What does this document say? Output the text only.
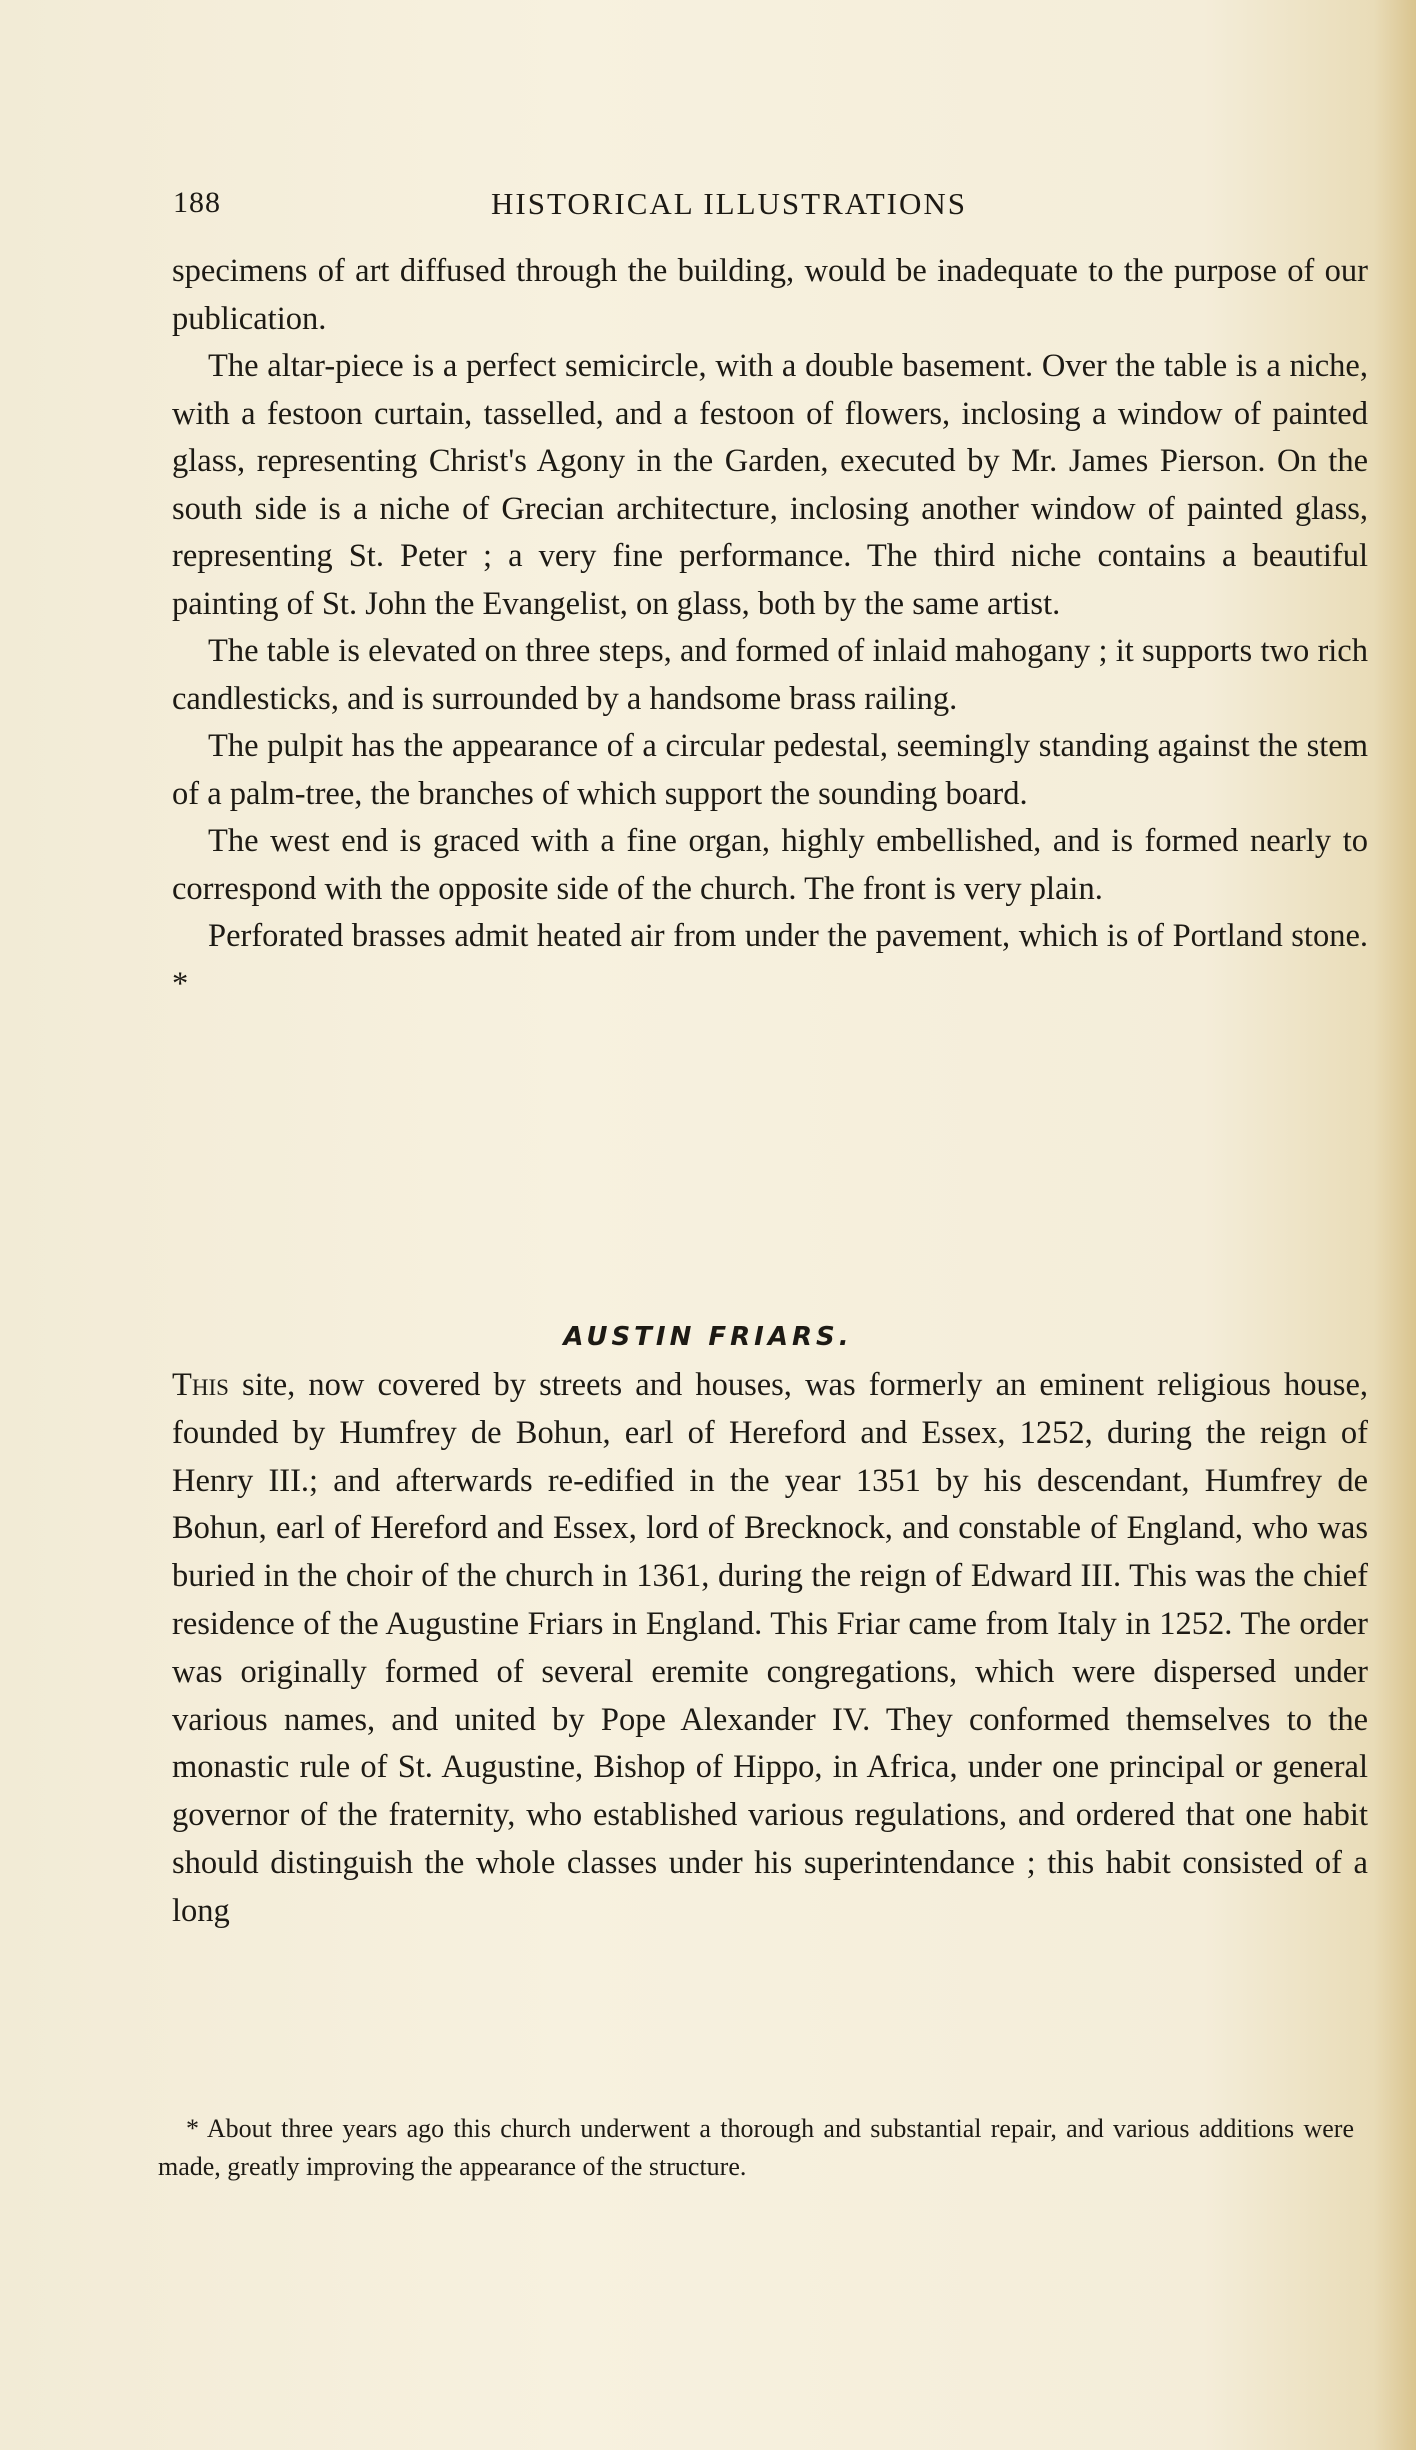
188	HISTORICAL ILLUSTRATIONS

specimens of art diffused through the building, would be inadequate to the purpose of our publication.

The altar-piece is a perfect semicircle, with a double basement. Over the table is a niche, with a festoon curtain, tasselled, and a festoon of flowers, inclosing a window of painted glass, representing Christ's Agony in the Garden, executed by Mr. James Pierson. On the south side is a niche of Grecian architecture, inclosing another window of painted glass, representing St. Peter ; a very fine performance. The third niche contains a beautiful painting of St. John the Evangelist, on glass, both by the same artist.

The table is elevated on three steps, and formed of inlaid mahogany ; it supports two rich candlesticks, and is surrounded by a handsome brass railing.

The pulpit has the appearance of a circular pedestal, seemingly standing against the stem of a palm-tree, the branches of which support the sounding board.

The west end is graced with a fine organ, highly embellished, and is formed nearly to correspond with the opposite side of the church. The front is very plain.

Perforated brasses admit heated air from under the pavement, which is of Portland stone. *

AUSTIN FRIARS.

This site, now covered by streets and houses, was formerly an eminent religious house, founded by Humfrey de Bohun, earl of Hereford and Essex, 1252, during the reign of Henry III.; and afterwards re-edified in the year 1351 by his descendant, Humfrey de Bohun, earl of Hereford and Essex, lord of Brecknock, and constable of England, who was buried in the choir of the church in 1361, during the reign of Edward III. This was the chief residence of the Augustine Friars in England. This Friar came from Italy in 1252. The order was originally formed of several eremite congregations, which were dispersed under various names, and united by Pope Alexander IV. They conformed themselves to the monastic rule of St. Augustine, Bishop of Hippo, in Africa, under one principal or general governor of the fraternity, who established various regulations, and ordered that one habit should distinguish the whole classes under his superintendance ; this habit consisted of a long

* About three years ago this church underwent a thorough and substantial repair, and various additions were made, greatly improving the appearance of the structure.
